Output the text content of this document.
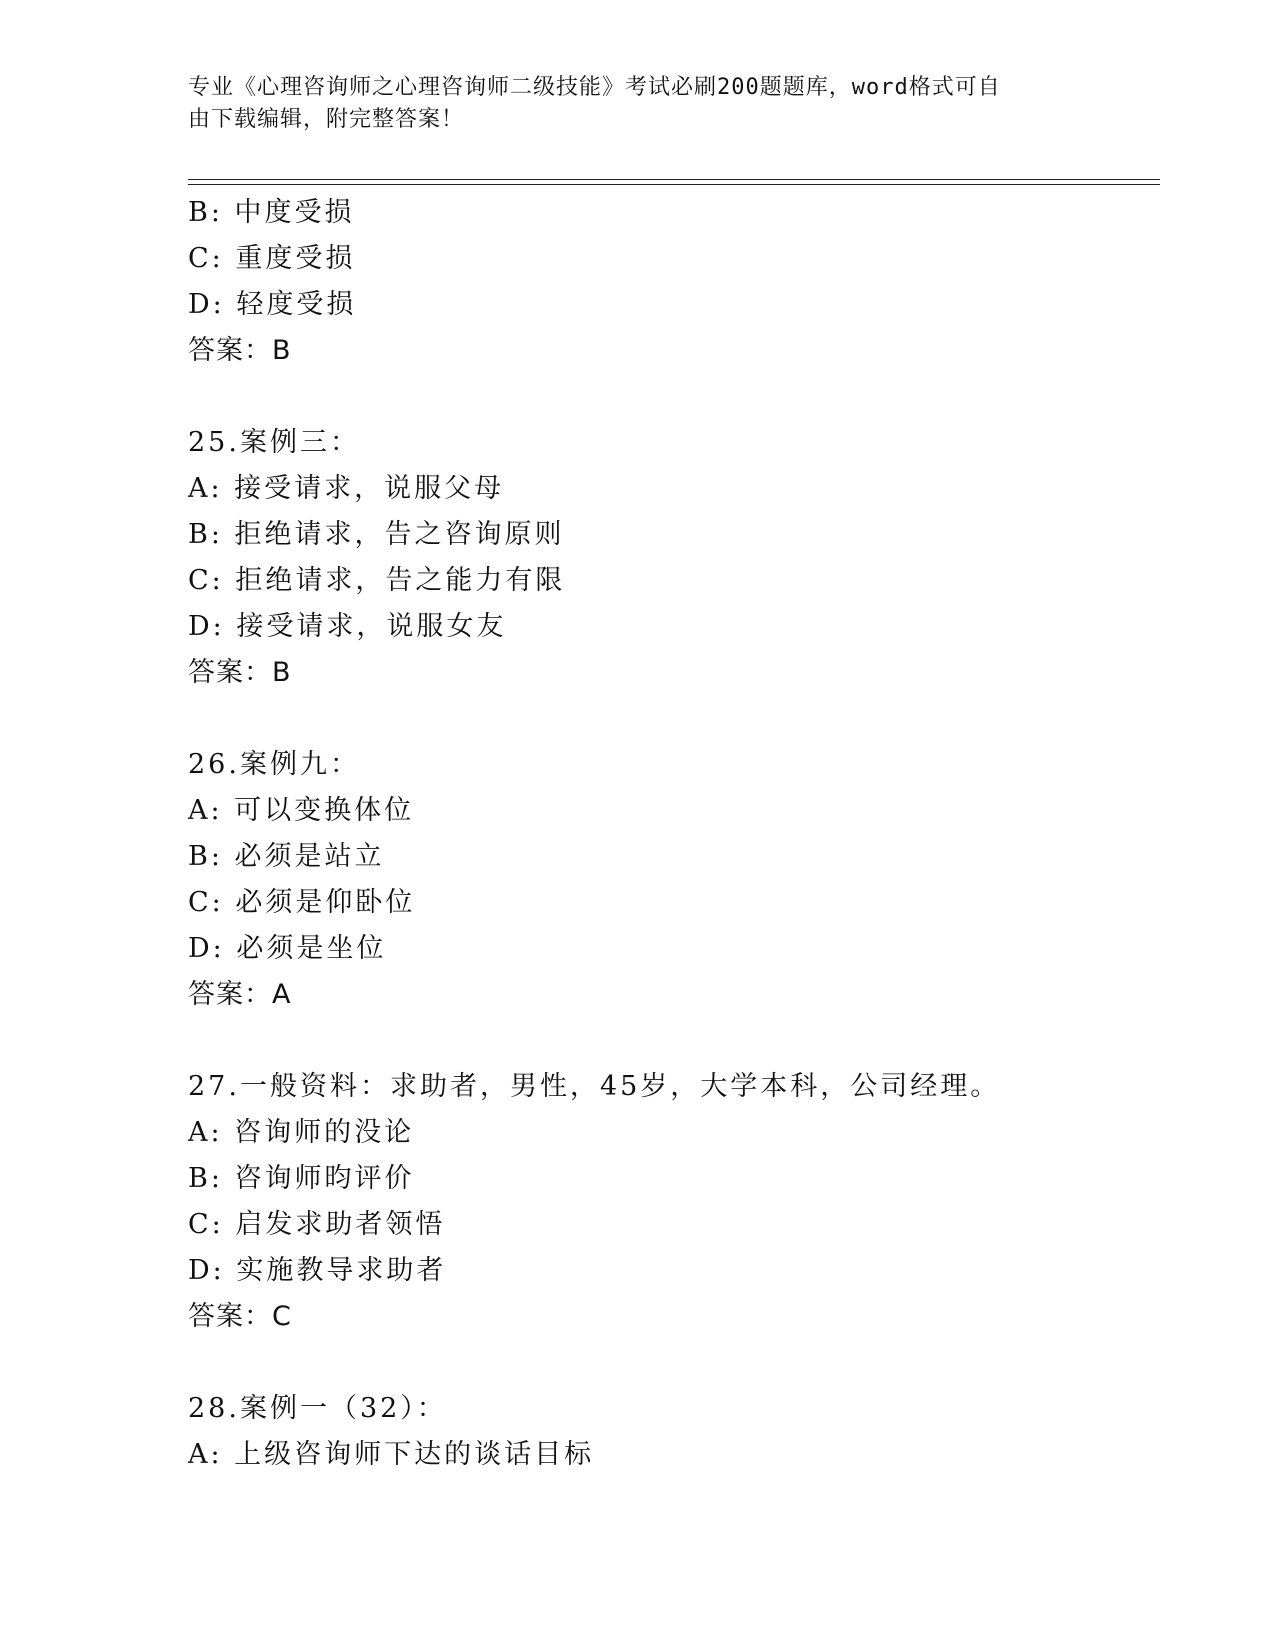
专业《心理咨询师之心理咨询师二级技能》考试必刷200题题库，word格式可自
由下载编辑，附完整答案！
B: 中度受损
C: 重度受损
D: 轻度受损
答案：B
25.案例三：
A: 接受请求，说服父母
B: 拒绝请求，告之咨询原则
C: 拒绝请求，告之能力有限
D: 接受请求，说服女友
答案：B
26.案例九：
A: 可以变换体位
B: 必须是站立
C: 必须是仰卧位
D: 必须是坐位
答案：A
27.一般资料：求助者，男性，45岁，大学本科，公司经理。
A: 咨询师的没论
B: 咨询师昀评价
C: 启发求助者领悟
D: 实施教导求助者
答案：C
28.案例一（32）：
A: 上级咨询师下达的谈话目标
